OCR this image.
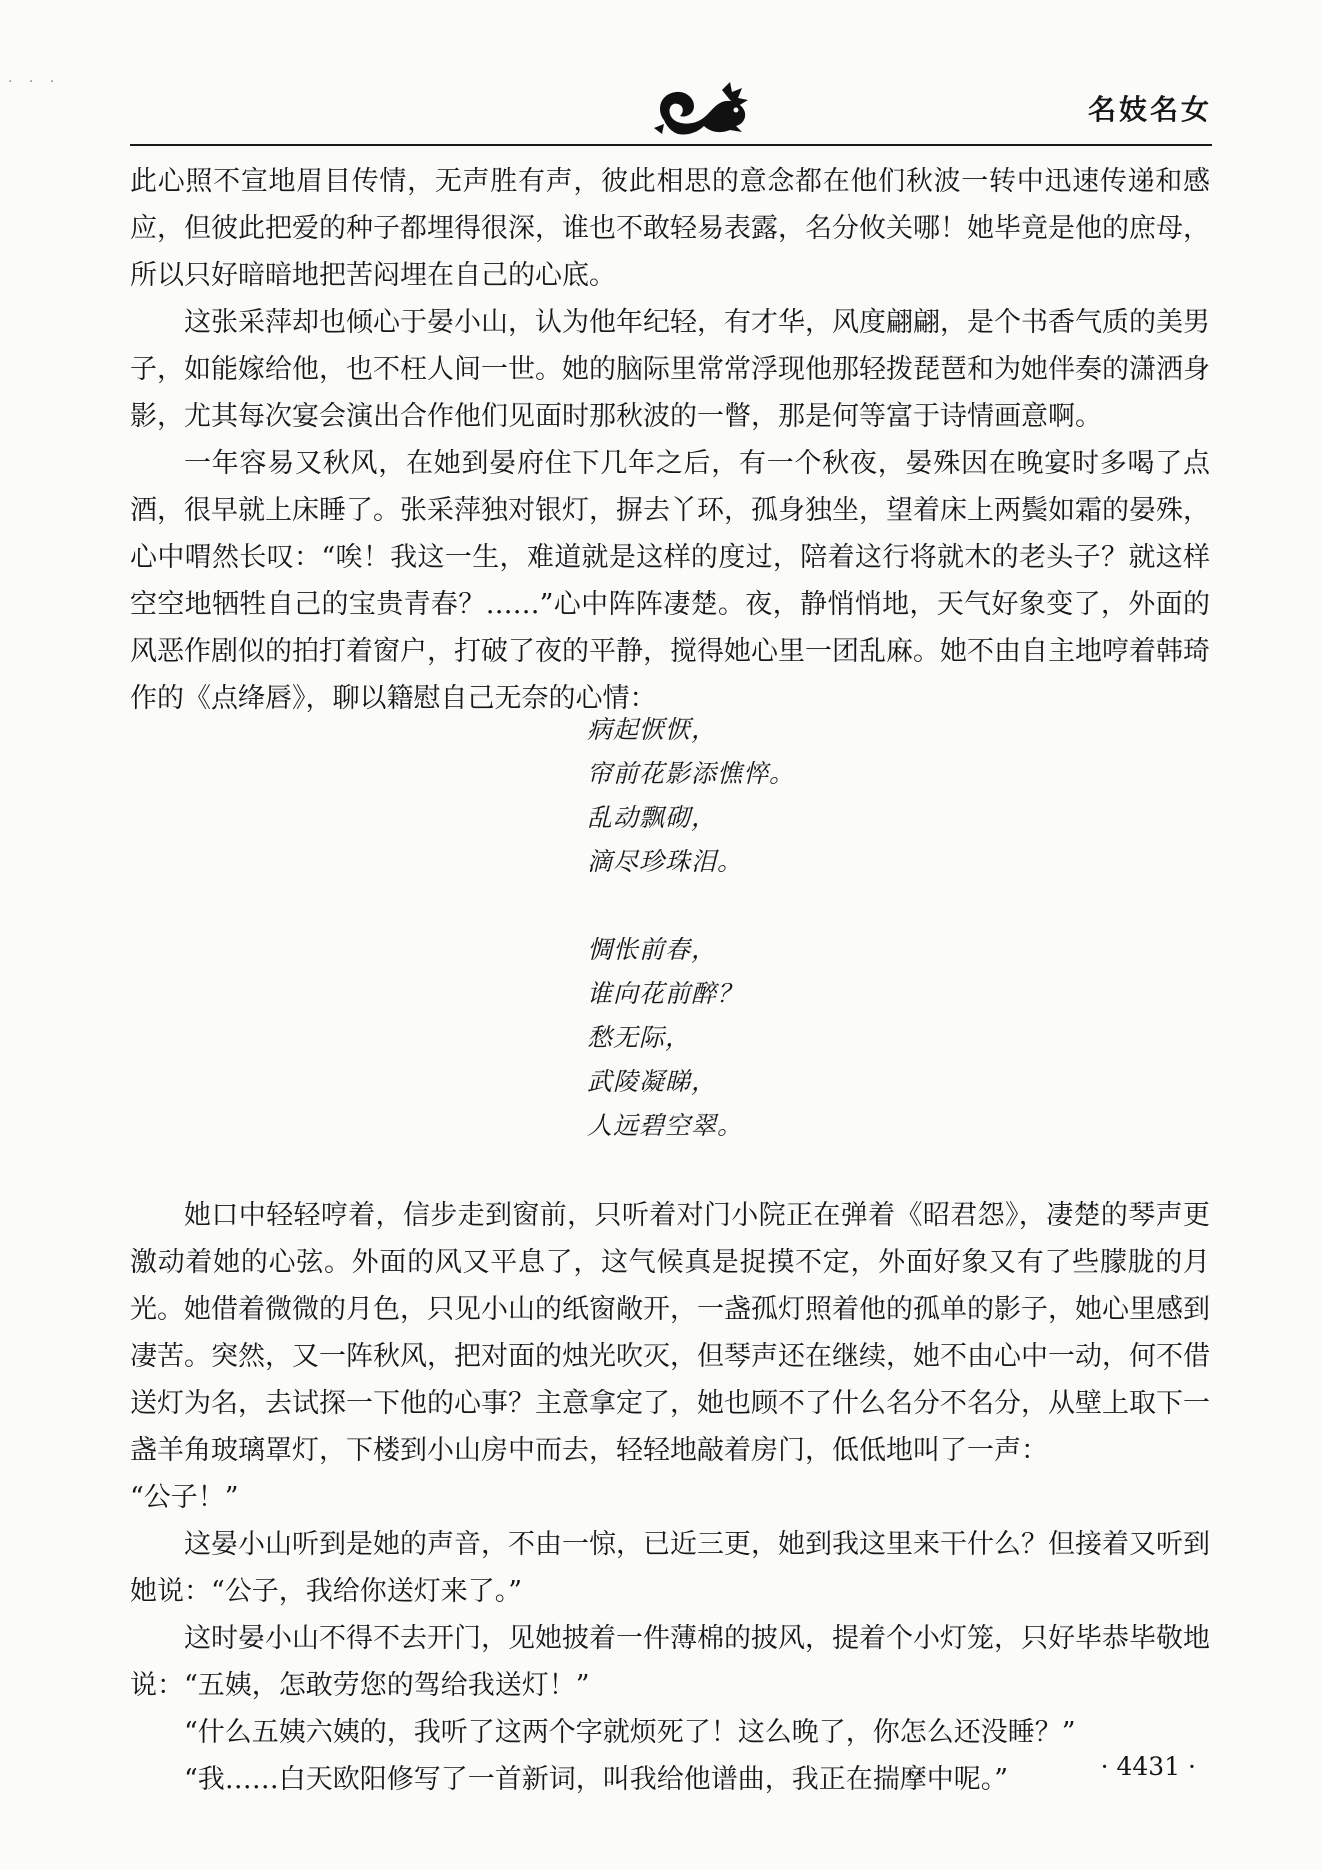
· · ·
名妓名女

此心照不宣地眉目传情，无声胜有声，彼此相思的意念都在他们秋波一转中迅速传递和感应，但彼此把爱的种子都埋得很深，谁也不敢轻易表露，名分攸关哪！她毕竟是他的庶母，所以只好暗暗地把苦闷埋在自己的心底。

这张采萍却也倾心于晏小山，认为他年纪轻，有才华，风度翩翩，是个书香气质的美男子，如能嫁给他，也不枉人间一世。她的脑际里常常浮现他那轻拨琵琶和为她伴奏的潇洒身影，尤其每次宴会演出合作他们见面时那秋波的一瞥，那是何等富于诗情画意啊。

一年容易又秋风，在她到晏府住下几年之后，有一个秋夜，晏殊因在晚宴时多喝了点酒，很早就上床睡了。张采萍独对银灯，摒去丫环，孤身独坐，望着床上两鬓如霜的晏殊，心中喟然长叹：“唉！我这一生，难道就是这样的度过，陪着这行将就木的老头子？就这样空空地牺牲自己的宝贵青春？……”心中阵阵凄楚。夜，静悄悄地，天气好象变了，外面的风恶作剧似的拍打着窗户，打破了夜的平静，搅得她心里一团乱麻。她不由自主地哼着韩琦作的《点绛唇》，聊以籍慰自己无奈的心情：

病起恹恹，
帘前花影添憔悴。
乱动飘砌，
滴尽珍珠泪。
惆怅前春，
谁向花前醉？
愁无际，
武陵凝睇，
人远碧空翠。

她口中轻轻哼着，信步走到窗前，只听着对门小院正在弹着《昭君怨》，凄楚的琴声更激动着她的心弦。外面的风又平息了，这气候真是捉摸不定，外面好象又有了些朦胧的月光。她借着微微的月色，只见小山的纸窗敞开，一盏孤灯照着他的孤单的影子，她心里感到凄苦。突然，又一阵秋风，把对面的烛光吹灭，但琴声还在继续，她不由心中一动，何不借送灯为名，去试探一下他的心事？主意拿定了，她也顾不了什么名分不名分，从壁上取下一盏羊角玻璃罩灯，下楼到小山房中而去，轻轻地敲着房门，低低地叫了一声：

“公子！”

这晏小山听到是她的声音，不由一惊，已近三更，她到我这里来干什么？但接着又听到她说：“公子，我给你送灯来了。”

这时晏小山不得不去开门，见她披着一件薄棉的披风，提着个小灯笼，只好毕恭毕敬地说：“五姨，怎敢劳您的驾给我送灯！”

“什么五姨六姨的，我听了这两个字就烦死了！这么晚了，你怎么还没睡？”

“我……白天欧阳修写了一首新词，叫我给他谱曲，我正在揣摩中呢。”	· 4431 ·
